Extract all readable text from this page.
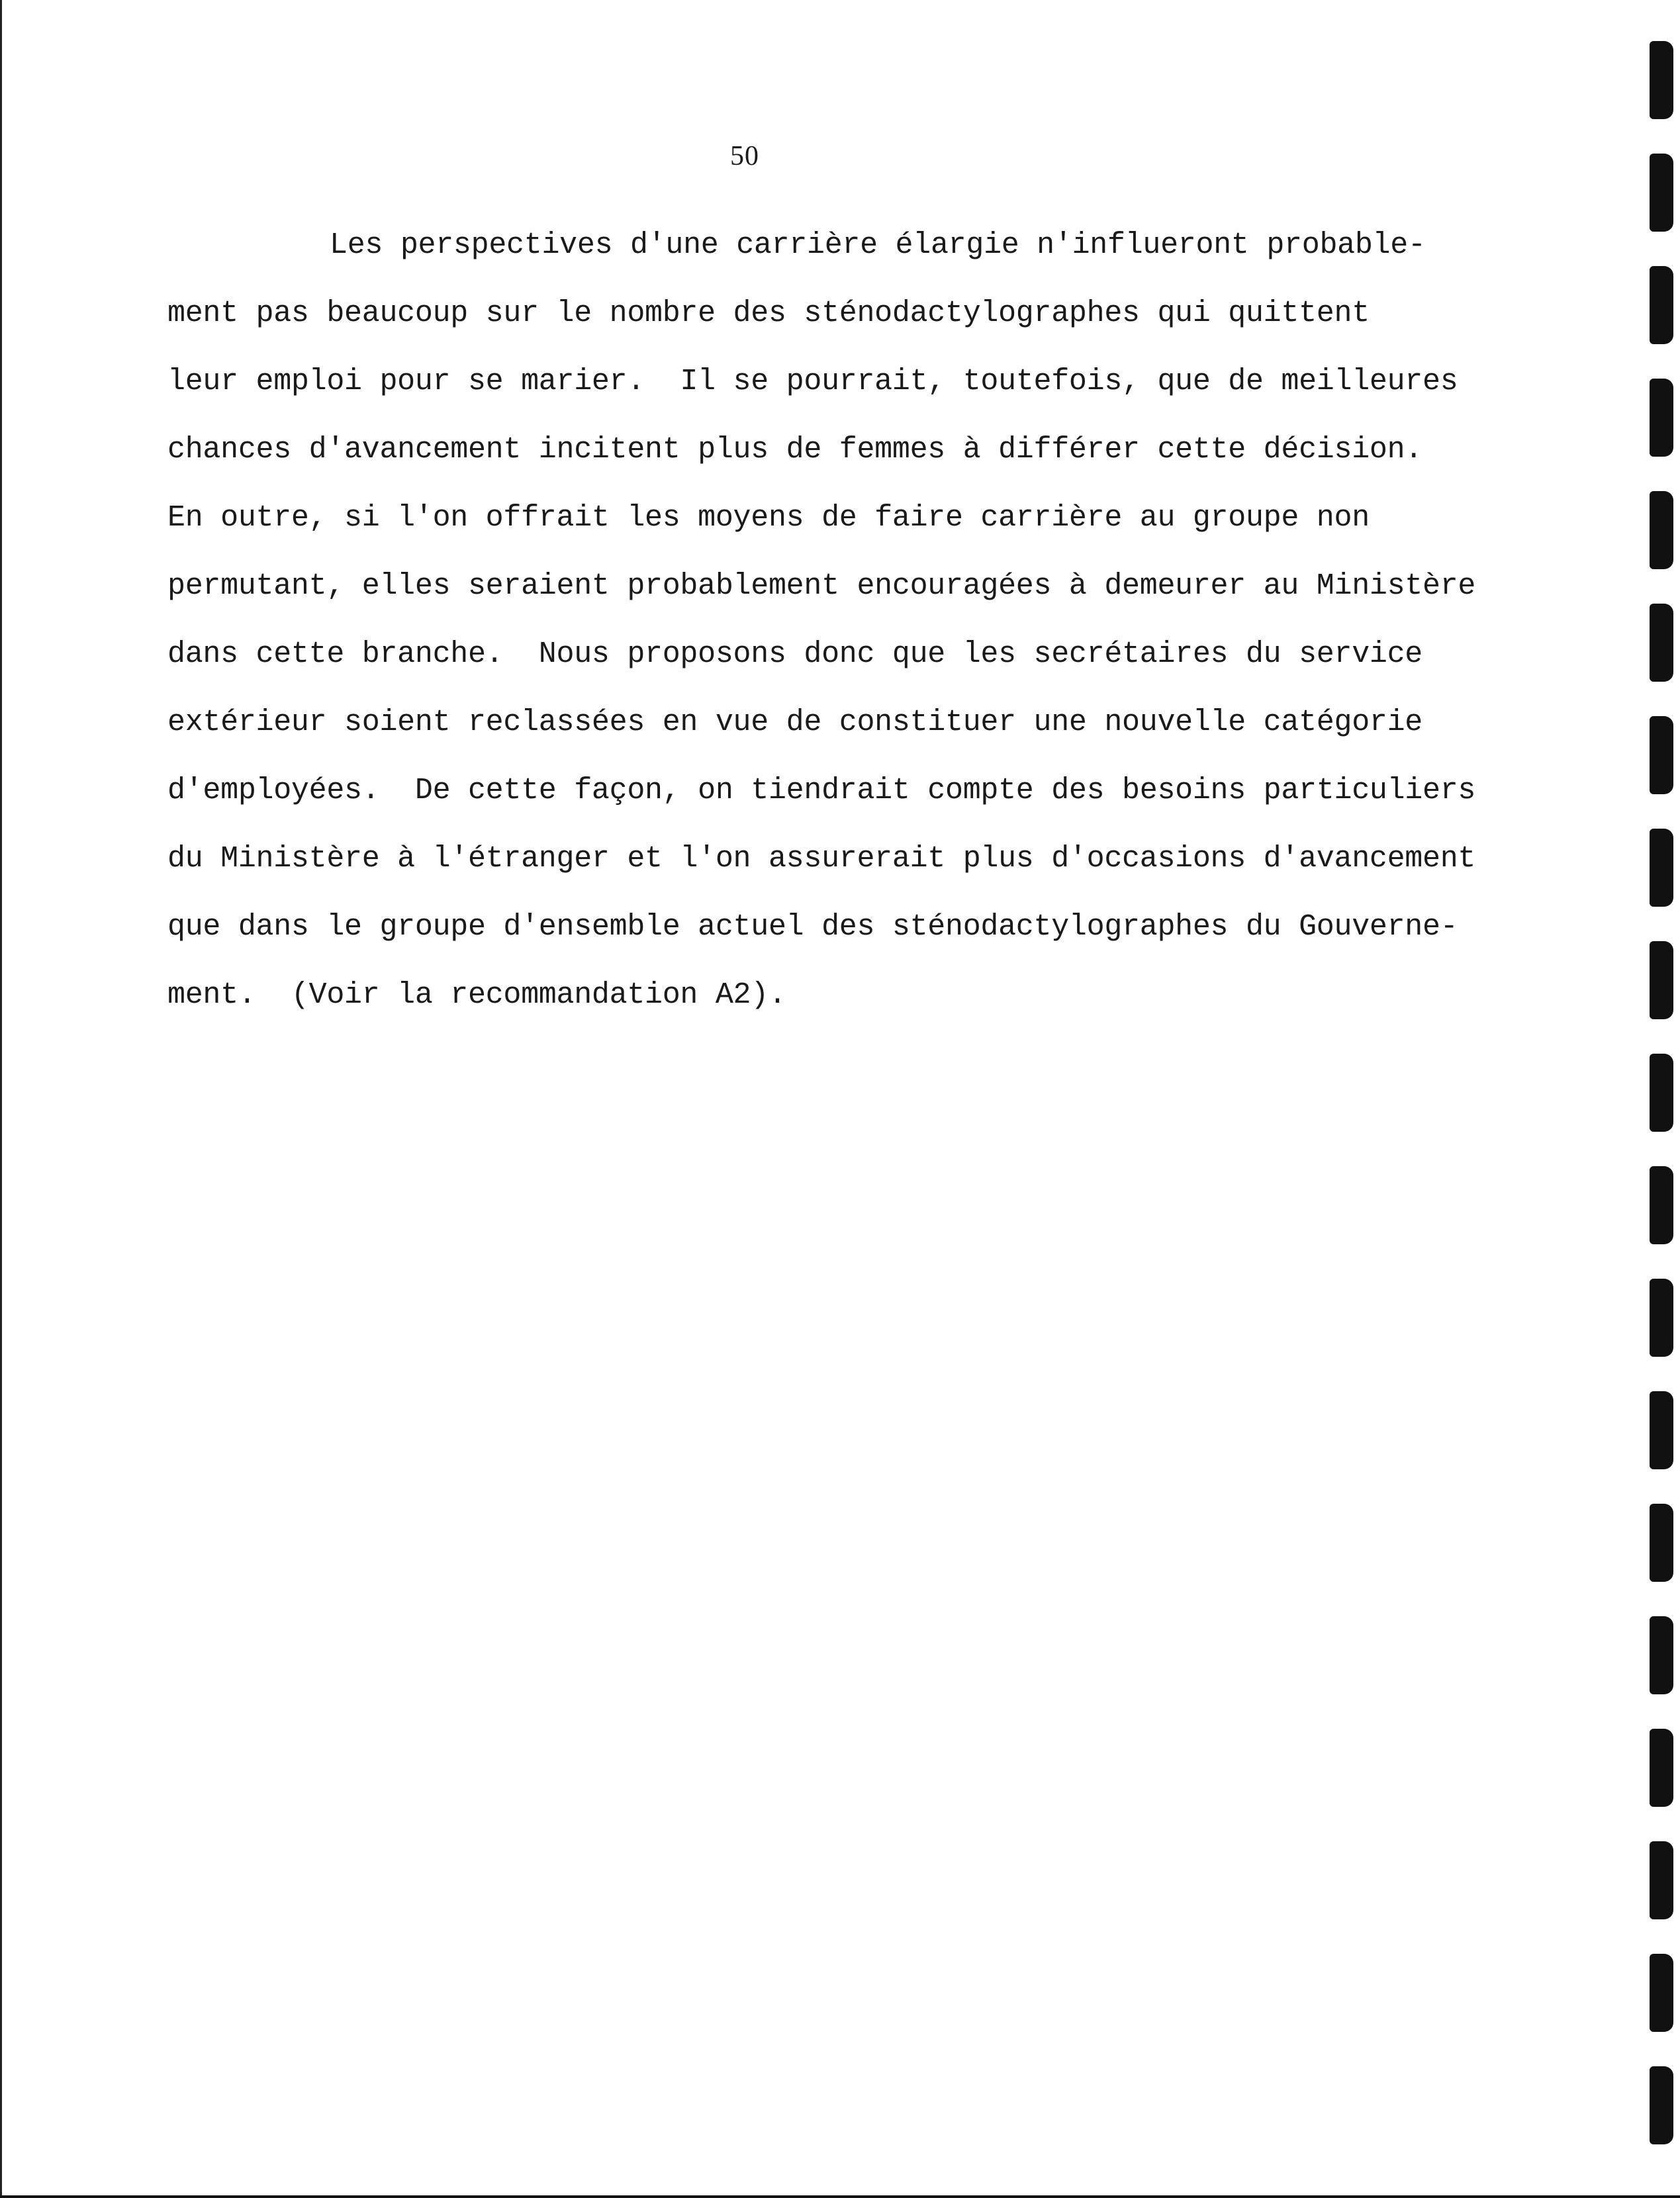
50
Les perspectives d'une carrière élargie n'influeront probable-
ment pas beaucoup sur le nombre des sténodactylographes qui quittent
leur emploi pour se marier.  Il se pourrait, toutefois, que de meilleures
chances d'avancement incitent plus de femmes à différer cette décision.
En outre, si l'on offrait les moyens de faire carrière au groupe non
permutant, elles seraient probablement encouragées à demeurer au Ministère
dans cette branche.  Nous proposons donc que les secrétaires du service
extérieur soient reclassées en vue de constituer une nouvelle catégorie
d'employées.  De cette façon, on tiendrait compte des besoins particuliers
du Ministère à l'étranger et l'on assurerait plus d'occasions d'avancement
que dans le groupe d'ensemble actuel des sténodactylographes du Gouverne-
ment.  (Voir la recommandation A2).
